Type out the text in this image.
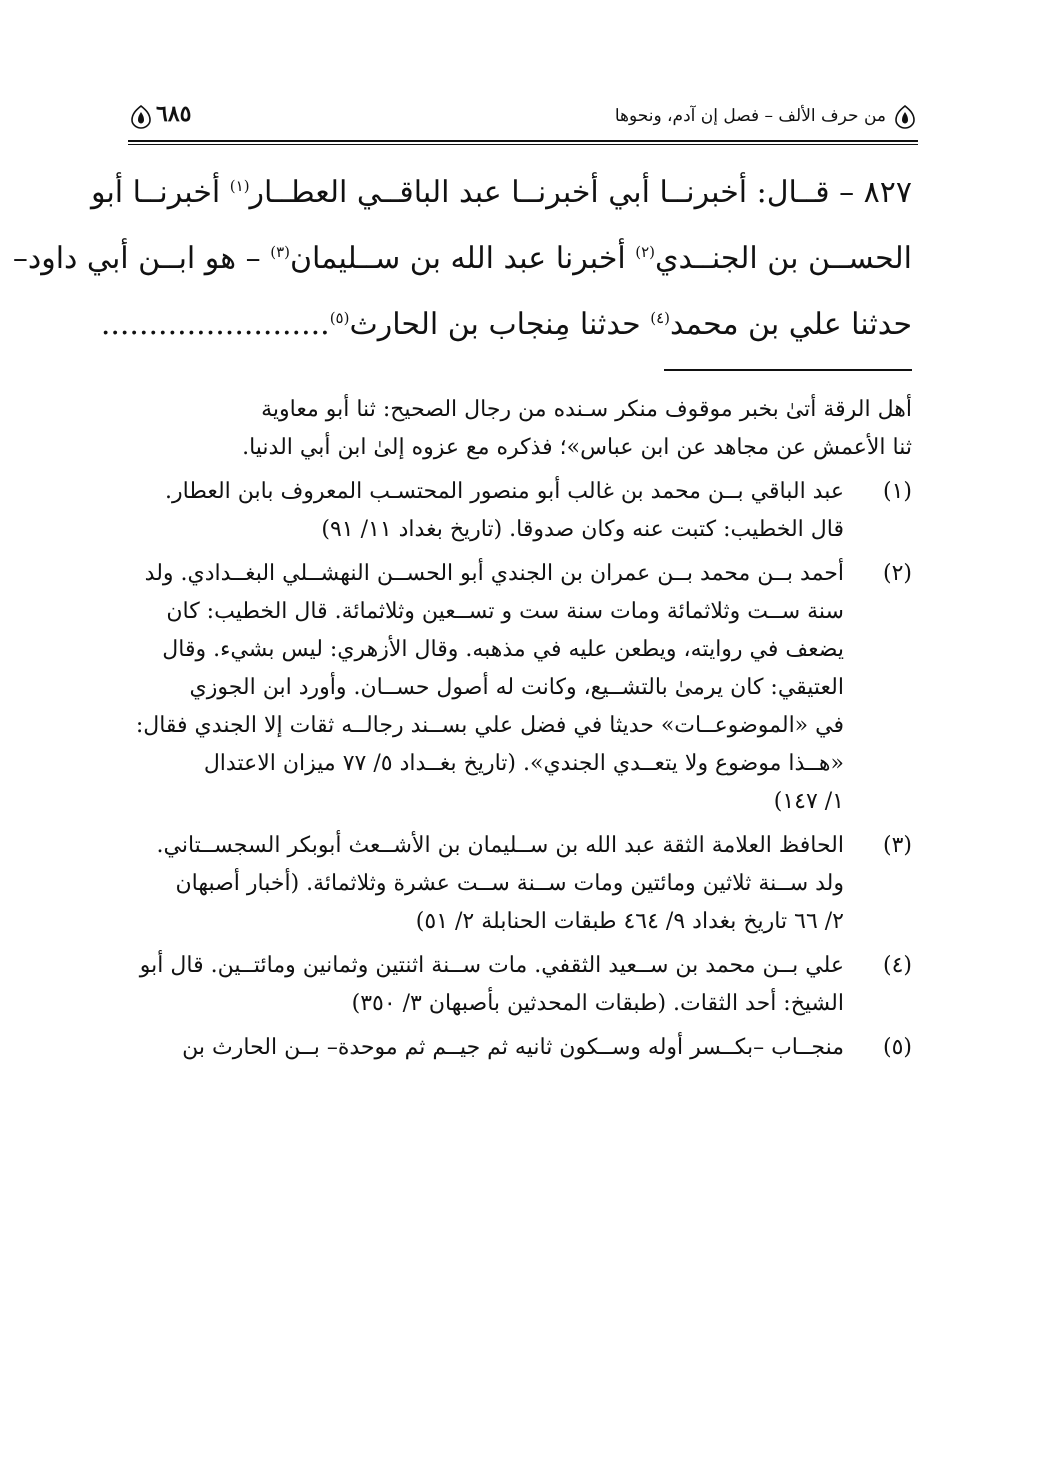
من حرف الألف – فصل إن آدم، ونحوها
٦٨٥
٨٢٧ – قــال: أخبرنــا أبي أخبرنــا عبد الباقــي العطــار$^{(١)}$ أخبرنــا أبو
الحســن بن الجنــدي$^{(٢)}$ أخبرنا عبد الله بن ســليمان$^{(٣)}$ – هو ابــن أبي داود–
حدثنا علي بن محمد$^{(٤)}$ حدثنا مِنجاب بن الحارث$^{(٥)}$........................
أهل الرقة أتىٰ بخبر موقوف منكر سـنده من رجال الصحيح: ثنا أبو معاوية
ثنا الأعمش عن مجاهد عن ابن عباس»؛ فذكره مع عزوه إلىٰ ابن أبي الدنيا.
(١)
عبد الباقي بــن محمد بن غالب أبو منصور المحتسـب المعروف بابن العطار.
قال الخطيب: كتبت عنه وكان صدوقا. (تاريخ بغداد ١١/ ٩١)
(٢)
أحمد بــن محمد بــن عمران بن الجندي أبو الحســن النهشــلي البغــدادي. ولد
سنة ســت وثلاثمائة ومات سنة ست و تســعين وثلاثمائة. قال الخطيب: كان
يضعف في روايته، ويطعن عليه في مذهبه. وقال الأزهري: ليس بشيء. وقال
العتيقي: كان يرمىٰ بالتشــيع، وكانت له أصول حســان. وأورد ابن الجوزي
في «الموضوعــات» حديثا في فضل علي بســند رجالــه ثقات إلا الجندي فقال:
«هــذا موضوع ولا يتعــدي الجندي». (تاريخ بغــداد ٥/ ٧٧ ميزان الاعتدال
١/ ١٤٧)
(٣)
الحافظ العلامة الثقة عبد الله بن ســليمان بن الأشــعث أبوبكر السجســتاني.
ولد ســنة ثلاثين ومائتين ومات ســنة ســت عشرة وثلاثمائة. (أخبار أصبهان
٢/ ٦٦ تاريخ بغداد ٩/ ٤٦٤ طبقات الحنابلة ٢/ ٥١)
(٤)
علي بــن محمد بن ســعيد الثقفي. مات ســنة اثنتين وثمانين ومائتــين. قال أبو
الشيخ: أحد الثقات. (طبقات المحدثين بأصبهان ٣/ ٣٥٠)
(٥)
منجــاب –بكــسر أوله وســكون ثانيه ثم جيــم ثم موحدة– بــن الحارث بن
